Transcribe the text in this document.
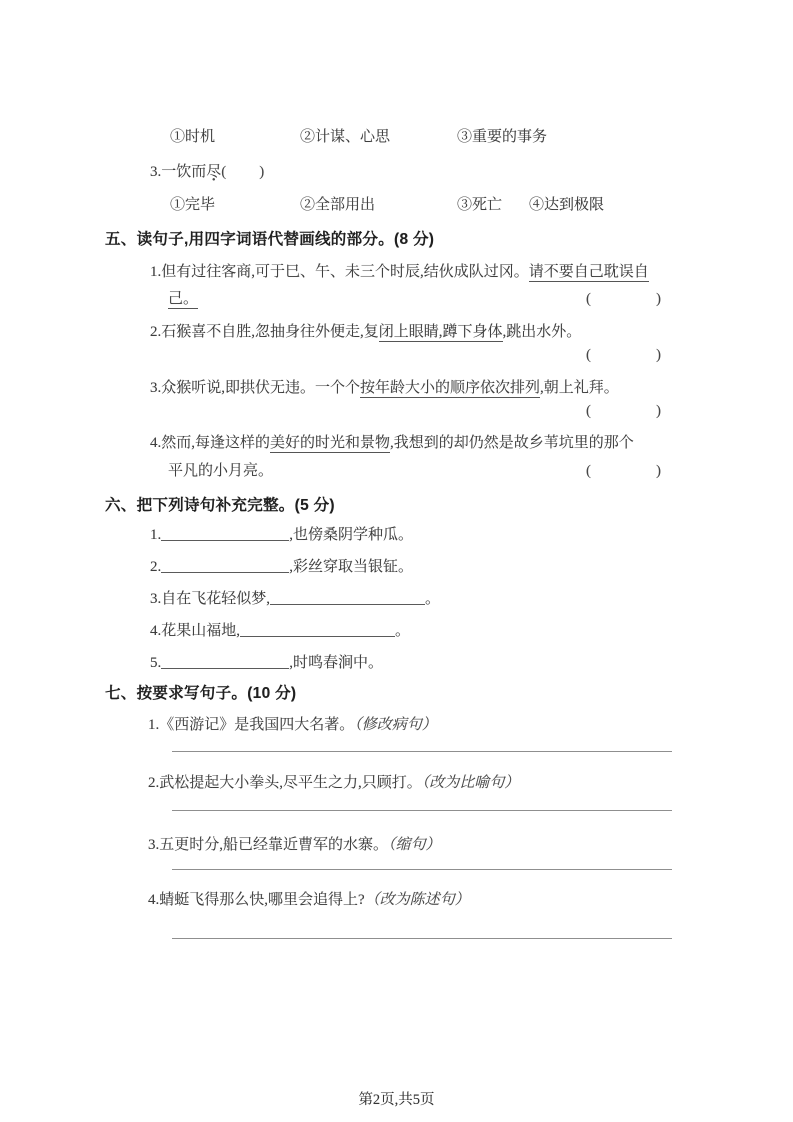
①时机	②计谋、心思	③重要的事务
3.一饮而尽(　　)
①完毕	②全部用出	③死亡 ④达到极限
五、读句子,用四字词语代替画线的部分。(8 分)
1.但有过往客商,可于巳、午、未三个时辰,结伙成队过冈。请不要自己耽误自
己。	(　　　　)
2.石猴喜不自胜,忽抽身往外便走,复闭上眼睛,蹲下身体,跳出水外。
(　　　　)
3.众猴听说,即拱伏无违。一个个按年龄大小的顺序依次排列,朝上礼拜。
(　　　　)
4.然而,每逢这样的美好的时光和景物,我想到的却仍然是故乡苇坑里的那个
平凡的小月亮。	(　　　　)
六、把下列诗句补充完整。(5 分)
1.	,也傍桑阴学种瓜。
2.	,彩丝穿取当银钲。
3.自在飞花轻似梦,	。
4.花果山福地,	。
5.	,时鸣春涧中。
七、按要求写句子。(10 分)
1.《西游记》是我国四大名著。（修改病句）
2.武松提起大小拳头,尽平生之力,只顾打。（改为比喻句）
3.五更时分,船已经靠近曹军的水寨。（缩句）
4.蜻蜓飞得那么快,哪里会追得上?（改为陈述句）
第2页,共5页
